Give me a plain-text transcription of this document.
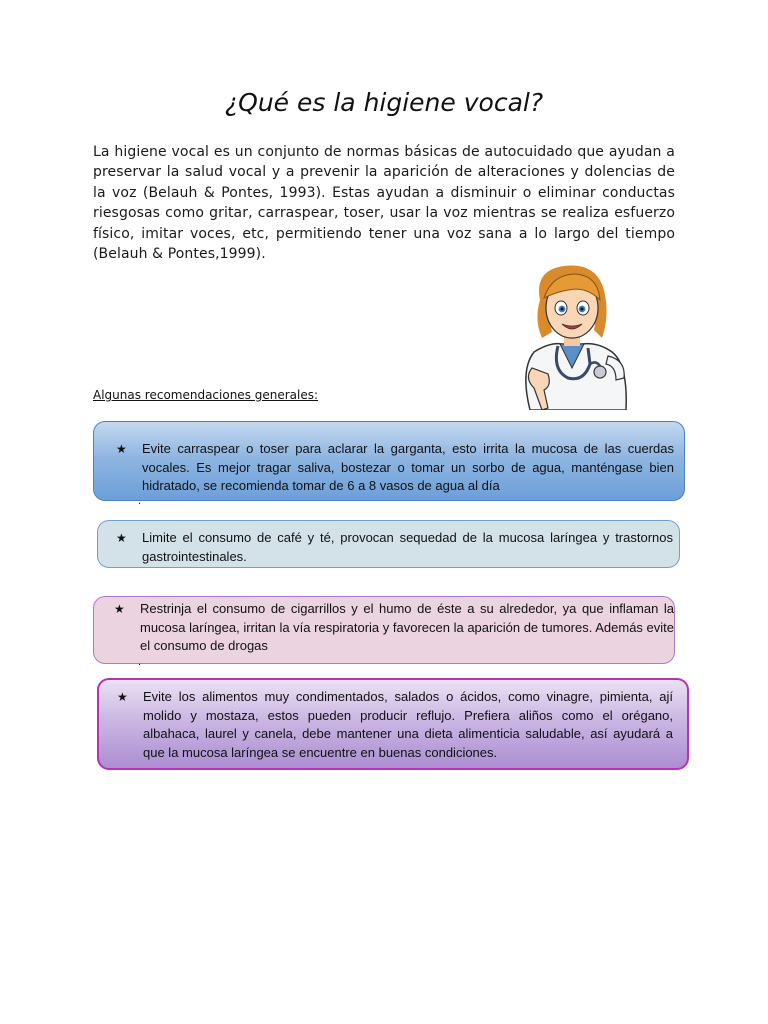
¿Qué es la higiene vocal?

La higiene vocal es un conjunto de normas básicas de autocuidado que ayudan a preservar la salud vocal y a prevenir la aparición de alteraciones y dolencias de la voz (Belauh & Pontes, 1993). Estas ayudan a disminuir o eliminar conductas riesgosas como gritar, carraspear, toser, usar la voz mientras se realiza esfuerzo físico, imitar voces, etc, permitiendo tener una voz sana a lo largo del tiempo (Belauh & Pontes,1999).

Algunas recomendaciones generales:

★	Evite carraspear o toser para aclarar la garganta, esto irrita la mucosa de las cuerdas vocales. Es mejor tragar saliva, bostezar o tomar un sorbo de agua, manténgase bien hidratado, se recomienda tomar de 6 a 8 vasos de agua al día
.
★	Limite el consumo de café y té, provocan sequedad de la mucosa laríngea y trastornos gastrointestinales.
★	Restrinja el consumo de cigarrillos y el humo de éste a su alrededor, ya que inflaman la mucosa laríngea, irritan la vía respiratoria y favorecen la aparición de tumores. Además evite el consumo de drogas
.
★	Evite los alimentos muy condimentados, salados o ácidos, como vinagre, pimienta, ají molido y mostaza, estos pueden producir reflujo. Prefiera aliños como el orégano, albahaca, laurel y canela, debe mantener una dieta alimenticia saludable, así ayudará a que la mucosa laríngea se encuentre en buenas condiciones.
